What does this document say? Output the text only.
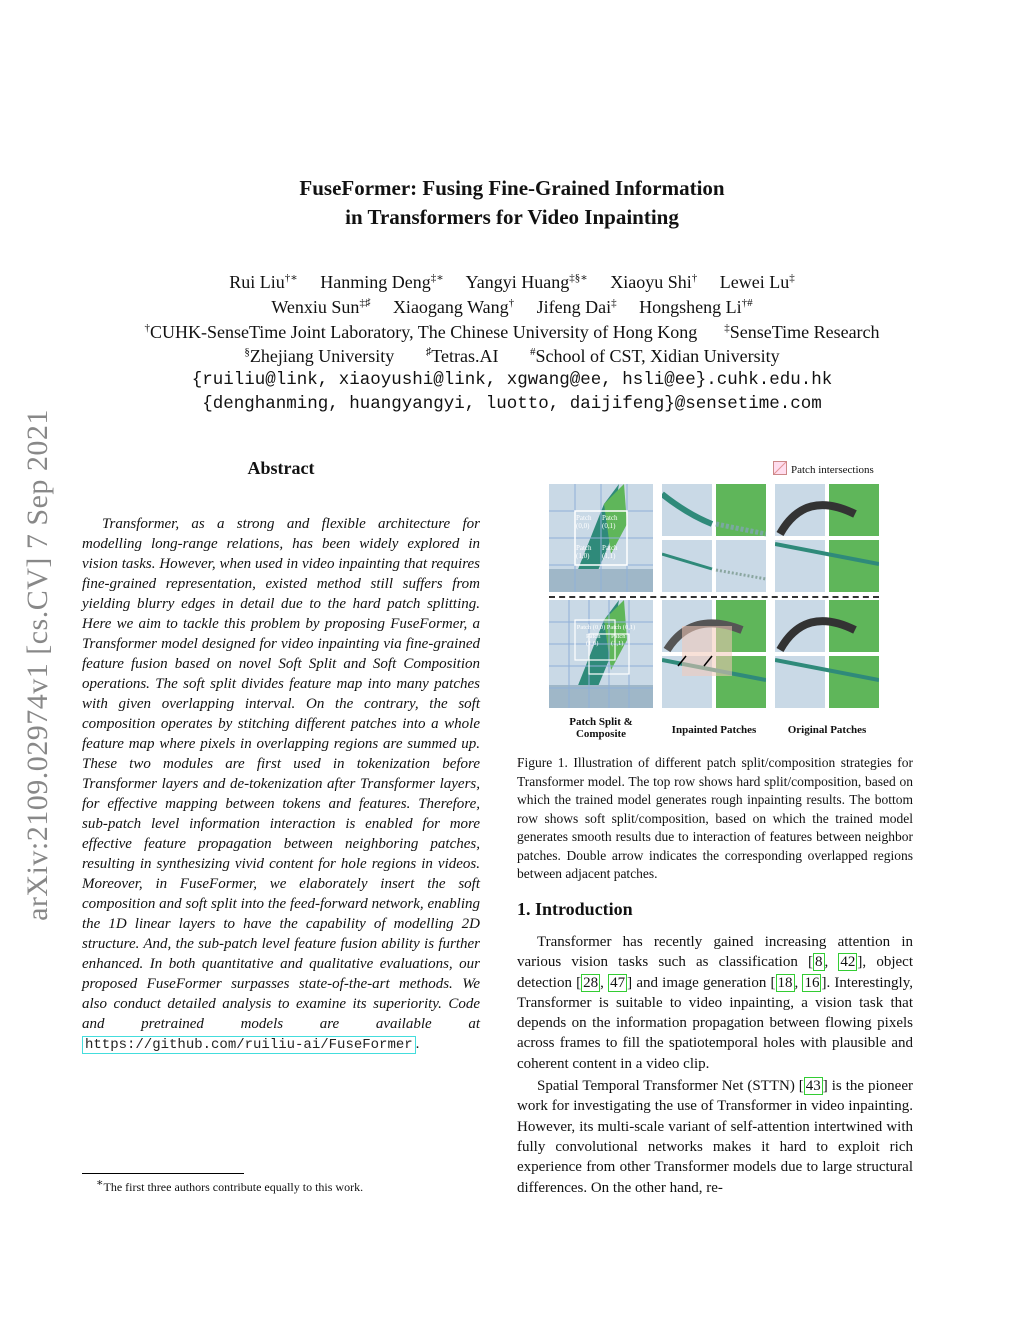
FuseFormer: Fusing Fine-Grained Information
in Transformers for Video Inpainting
Rui Liu†∗ Hanming Deng‡∗ Yangyi Huang‡§∗ Xiaoyu Shi† Lewei Lu‡
Wenxiu Sun‡♯ Xiaogang Wang† Jifeng Dai‡ Hongsheng Li†#
†CUHK-SenseTime Joint Laboratory, The Chinese University of Hong Kong ‡SenseTime Research
§Zhejiang University	♯Tetras.AI	#School of CST, Xidian University
{ruiliu@link, xiaoyushi@link, xgwang@ee, hsli@ee}.cuhk.edu.hk
{denghanming, huangyangyi, luotto, daijifeng}@sensetime.com
arXiv:2109.02974v1 [cs.CV] 7 Sep 2021	Abstract

Transformer, as a strong and flexible architecture for modelling long-range relations, has been widely explored in vision tasks. However, when used in video inpainting that requires fine-grained representation, existed method still suffers from yielding blurry edges in detail due to the hard patch splitting. Here we aim to tackle this problem by proposing FuseFormer, a Transformer model designed for video inpainting via fine-grained feature fusion based on novel Soft Split and Soft Composition operations. The soft split divides feature map into many patches with given overlapping interval. On the contrary, the soft composition operates by stitching different patches into a whole feature map where pixels in overlapping regions are summed up. These two modules are first used in tokenization before Transformer layers and de-tokenization after Transformer layers, for effective mapping between tokens and features. Therefore, sub-patch level information interaction is enabled for more effective feature propagation between neighboring patches, resulting in synthesizing vivid content for hole regions in videos. Moreover, in FuseFormer, we elaborately insert the soft composition and soft split into the feed-forward network, enabling the 1D linear layers to have the capability of modelling 2D structure. And, the sub-patch level feature fusion ability is further enhanced. In both quantitative and qualitative evaluations, our proposed FuseFormer surpasses state-of-the-art methods. We also conduct detailed analysis to examine its superiority. Code and pretrained models are available at https://github.com/ruiliu-ai/FuseFormer .

∗The first three authors contribute equally to this work.
Patch intersections
Patch (0,0)
Patch (0,1)
Patch (1,0)
Patch (1,1)
Patch (0,0) Patch (0,1)
Patch (1,0)
Patch (1,1)
Patch Split & Composite	Inpainted Patches	Original Patches
Figure 1. Illustration of different patch split/composition strategies for Transformer model. The top row shows hard split/composition, based on which the trained model generates rough inpainting results. The bottom row shows soft split/composition, based on which the trained model generates smooth results due to interaction of features between neighbor patches. Double arrow indicates the corresponding overlapped regions between adjacent patches.
1. Introduction

Transformer has recently gained increasing attention in various vision tasks such as classification [ 8 , 42 ], object detection [ 28 , 47 ] and image generation [ 18 , 16 ]. Interestingly, Transformer is suitable to video inpainting, a vision task that depends on the information propagation between flowing pixels across frames to fill the spatiotemporal holes with plausible and coherent content in a video clip.

Spatial Temporal Transformer Net (STTN) [ 43 ] is the pioneer work for investigating the use of Transformer in video inpainting. However, its multi-scale variant of self-attention intertwined with fully convolutional networks makes it hard to exploit rich experience from other Transformer models due to large structural differences. On the other hand, re-
